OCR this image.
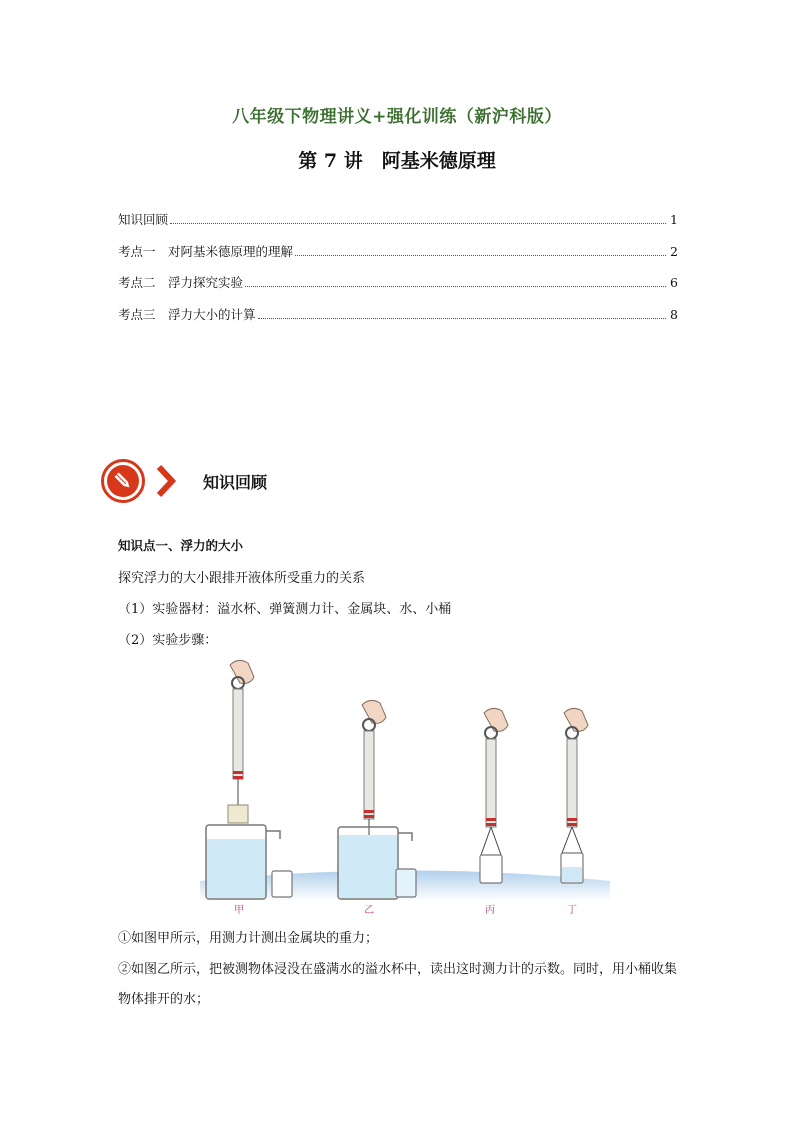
八年级下物理讲义+强化训练（新沪科版）
第 7 讲　阿基米德原理
知识回顾	1
考点一　对阿基米德原理的理解	2
考点二　浮力探究实验	6
考点三　浮力大小的计算	8
知识回顾
知识点一、浮力的大小
探究浮力的大小跟排开液体所受重力的关系
（1）实验器材：溢水杯、弹簧测力计、金属块、水、小桶
（2）实验步骤：
甲	乙	丙	丁
①如图甲所示，用测力计测出金属块的重力；
②如图乙所示，把被测物体浸没在盛满水的溢水杯中，读出这时测力计的示数。同时，用小桶收集物体排开的水；
